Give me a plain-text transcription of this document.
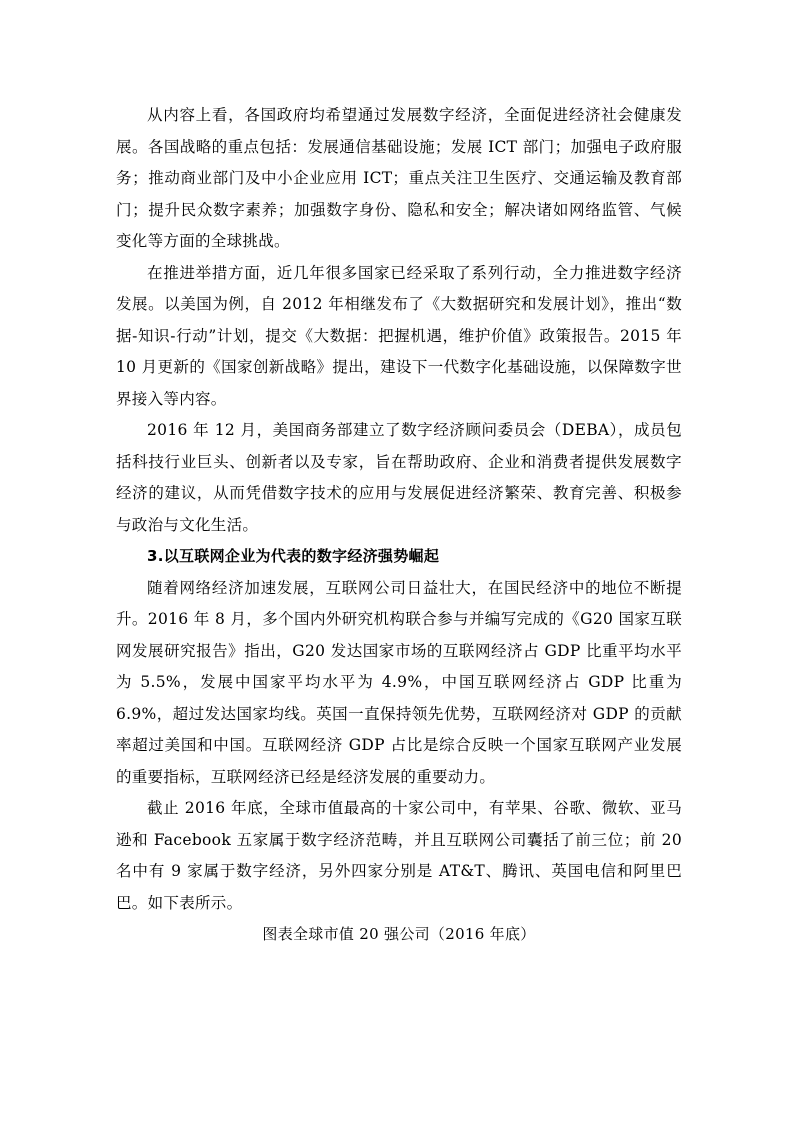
从内容上看，各国政府均希望通过发展数字经济，全面促进经济社会健康发展。各国战略的重点包括：发展通信基础设施；发展 ICT 部门；加强电子政府服务；推动商业部门及中小企业应用 ICT；重点关注卫生医疗、交通运输及教育部门；提升民众数字素养；加强数字身份、隐私和安全；解决诸如网络监管、气候变化等方面的全球挑战。

在推进举措方面，近几年很多国家已经采取了系列行动，全力推进数字经济发展。以美国为例，自 2012 年相继发布了《大数据研究和发展计划》，推出“数据-知识-行动”计划，提交《大数据：把握机遇，维护价值》政策报告。2015 年 10 月更新的《国家创新战略》提出，建设下一代数字化基础设施，以保障数字世界接入等内容。

2016 年 12 月，美国商务部建立了数字经济顾问委员会（DEBA），成员包括科技行业巨头、创新者以及专家，旨在帮助政府、企业和消费者提供发展数字经济的建议，从而凭借数字技术的应用与发展促进经济繁荣、教育完善、积极参与政治与文化生活。

3.以互联网企业为代表的数字经济强势崛起

随着网络经济加速发展，互联网公司日益壮大，在国民经济中的地位不断提升。2016 年 8 月，多个国内外研究机构联合参与并编写完成的《G20 国家互联网发展研究报告》指出，G20 发达国家市场的互联网经济占 GDP 比重平均水平为 5.5%，发展中国家平均水平为 4.9%，中国互联网经济占 GDP 比重为 6.9%，超过发达国家均线。英国一直保持领先优势，互联网经济对 GDP 的贡献率超过美国和中国。互联网经济 GDP 占比是综合反映一个国家互联网产业发展的重要指标，互联网经济已经是经济发展的重要动力。

截止 2016 年底，全球市值最高的十家公司中，有苹果、谷歌、微软、亚马逊和 Facebook 五家属于数字经济范畴，并且互联网公司囊括了前三位；前 20 名中有 9 家属于数字经济，另外四家分别是 AT&T、腾讯、英国电信和阿里巴巴。如下表所示。

图表全球市值 20 强公司（2016 年底）
